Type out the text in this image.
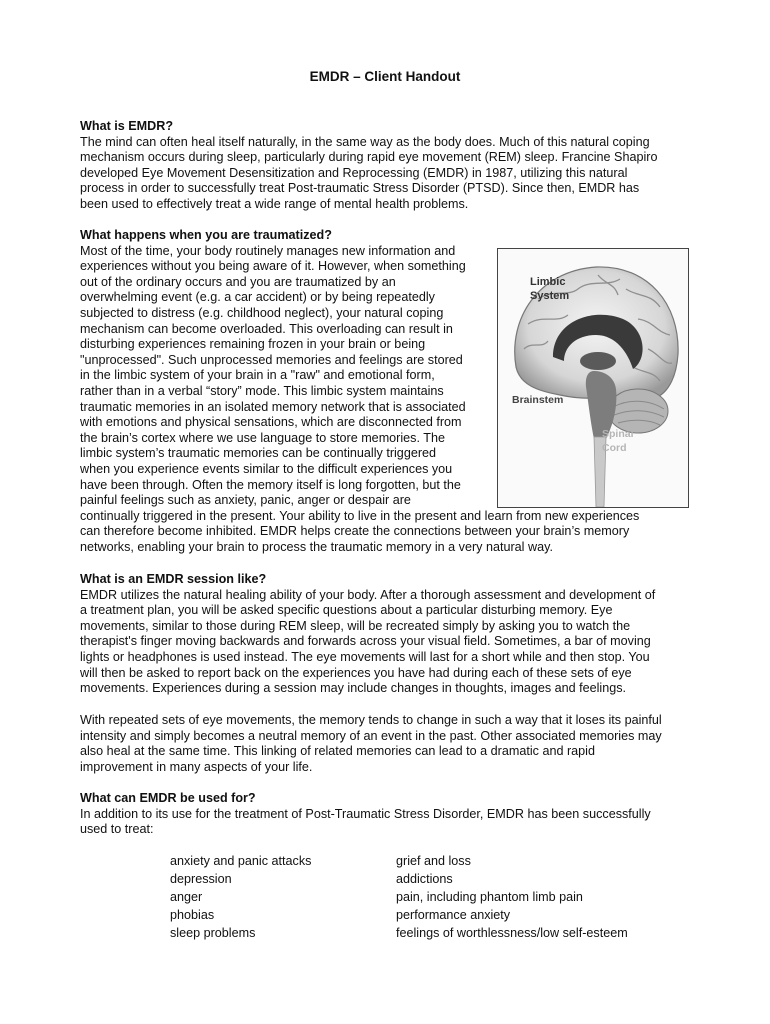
EMDR – Client Handout
What is EMDR?
The mind can often heal itself naturally, in the same way as the body does. Much of this natural coping
mechanism occurs during sleep, particularly during rapid eye movement (REM) sleep. Francine Shapiro
developed Eye Movement Desensitization and Reprocessing (EMDR) in 1987, utilizing this natural
process in order to successfully treat Post-traumatic Stress Disorder (PTSD). Since then, EMDR has
been used to effectively treat a wide range of mental health problems.
What happens when you are traumatized?
Most of the time, your body routinely manages new information and
experiences without you being aware of it. However, when something
out of the ordinary occurs and you are traumatized by an
overwhelming event (e.g. a car accident) or by being repeatedly
subjected to distress (e.g. childhood neglect), your natural coping
mechanism can become overloaded. This overloading can result in
disturbing experiences remaining frozen in your brain or being
"unprocessed". Such unprocessed memories and feelings are stored
in the limbic system of your brain in a "raw" and emotional form,
rather than in a verbal “story” mode. This limbic system maintains
traumatic memories in an isolated memory network that is associated
with emotions and physical sensations, which are disconnected from
the brain’s cortex where we use language to store memories. The
limbic system’s traumatic memories can be continually triggered
when you experience events similar to the difficult experiences you
have been through. Often the memory itself is long forgotten, but the
painful feelings such as anxiety, panic, anger or despair are
continually triggered in the present. Your ability to live in the present and learn from new experiences
can therefore become inhibited. EMDR helps create the connections between your brain’s memory
networks, enabling your brain to process the traumatic memory in a very natural way.
Limbic
System
Brainstem
Spinal
Cord
What is an EMDR session like?
EMDR utilizes the natural healing ability of your body. After a thorough assessment and development of
a treatment plan, you will be asked specific questions about a particular disturbing memory. Eye
movements, similar to those during REM sleep, will be recreated simply by asking you to watch the
therapist's finger moving backwards and forwards across your visual field. Sometimes, a bar of moving
lights or headphones is used instead. The eye movements will last for a short while and then stop. You
will then be asked to report back on the experiences you have had during each of these sets of eye
movements. Experiences during a session may include changes in thoughts, images and feelings.
With repeated sets of eye movements, the memory tends to change in such a way that it loses its painful
intensity and simply becomes a neutral memory of an event in the past. Other associated memories may
also heal at the same time. This linking of related memories can lead to a dramatic and rapid
improvement in many aspects of your life.
What can EMDR be used for?
In addition to its use for the treatment of Post-Traumatic Stress Disorder, EMDR has been successfully
used to treat:
anxiety and panic attacks
depression
anger
phobias
sleep problems
grief and loss
addictions
pain, including phantom limb pain
performance anxiety
feelings of worthlessness/low self-esteem
